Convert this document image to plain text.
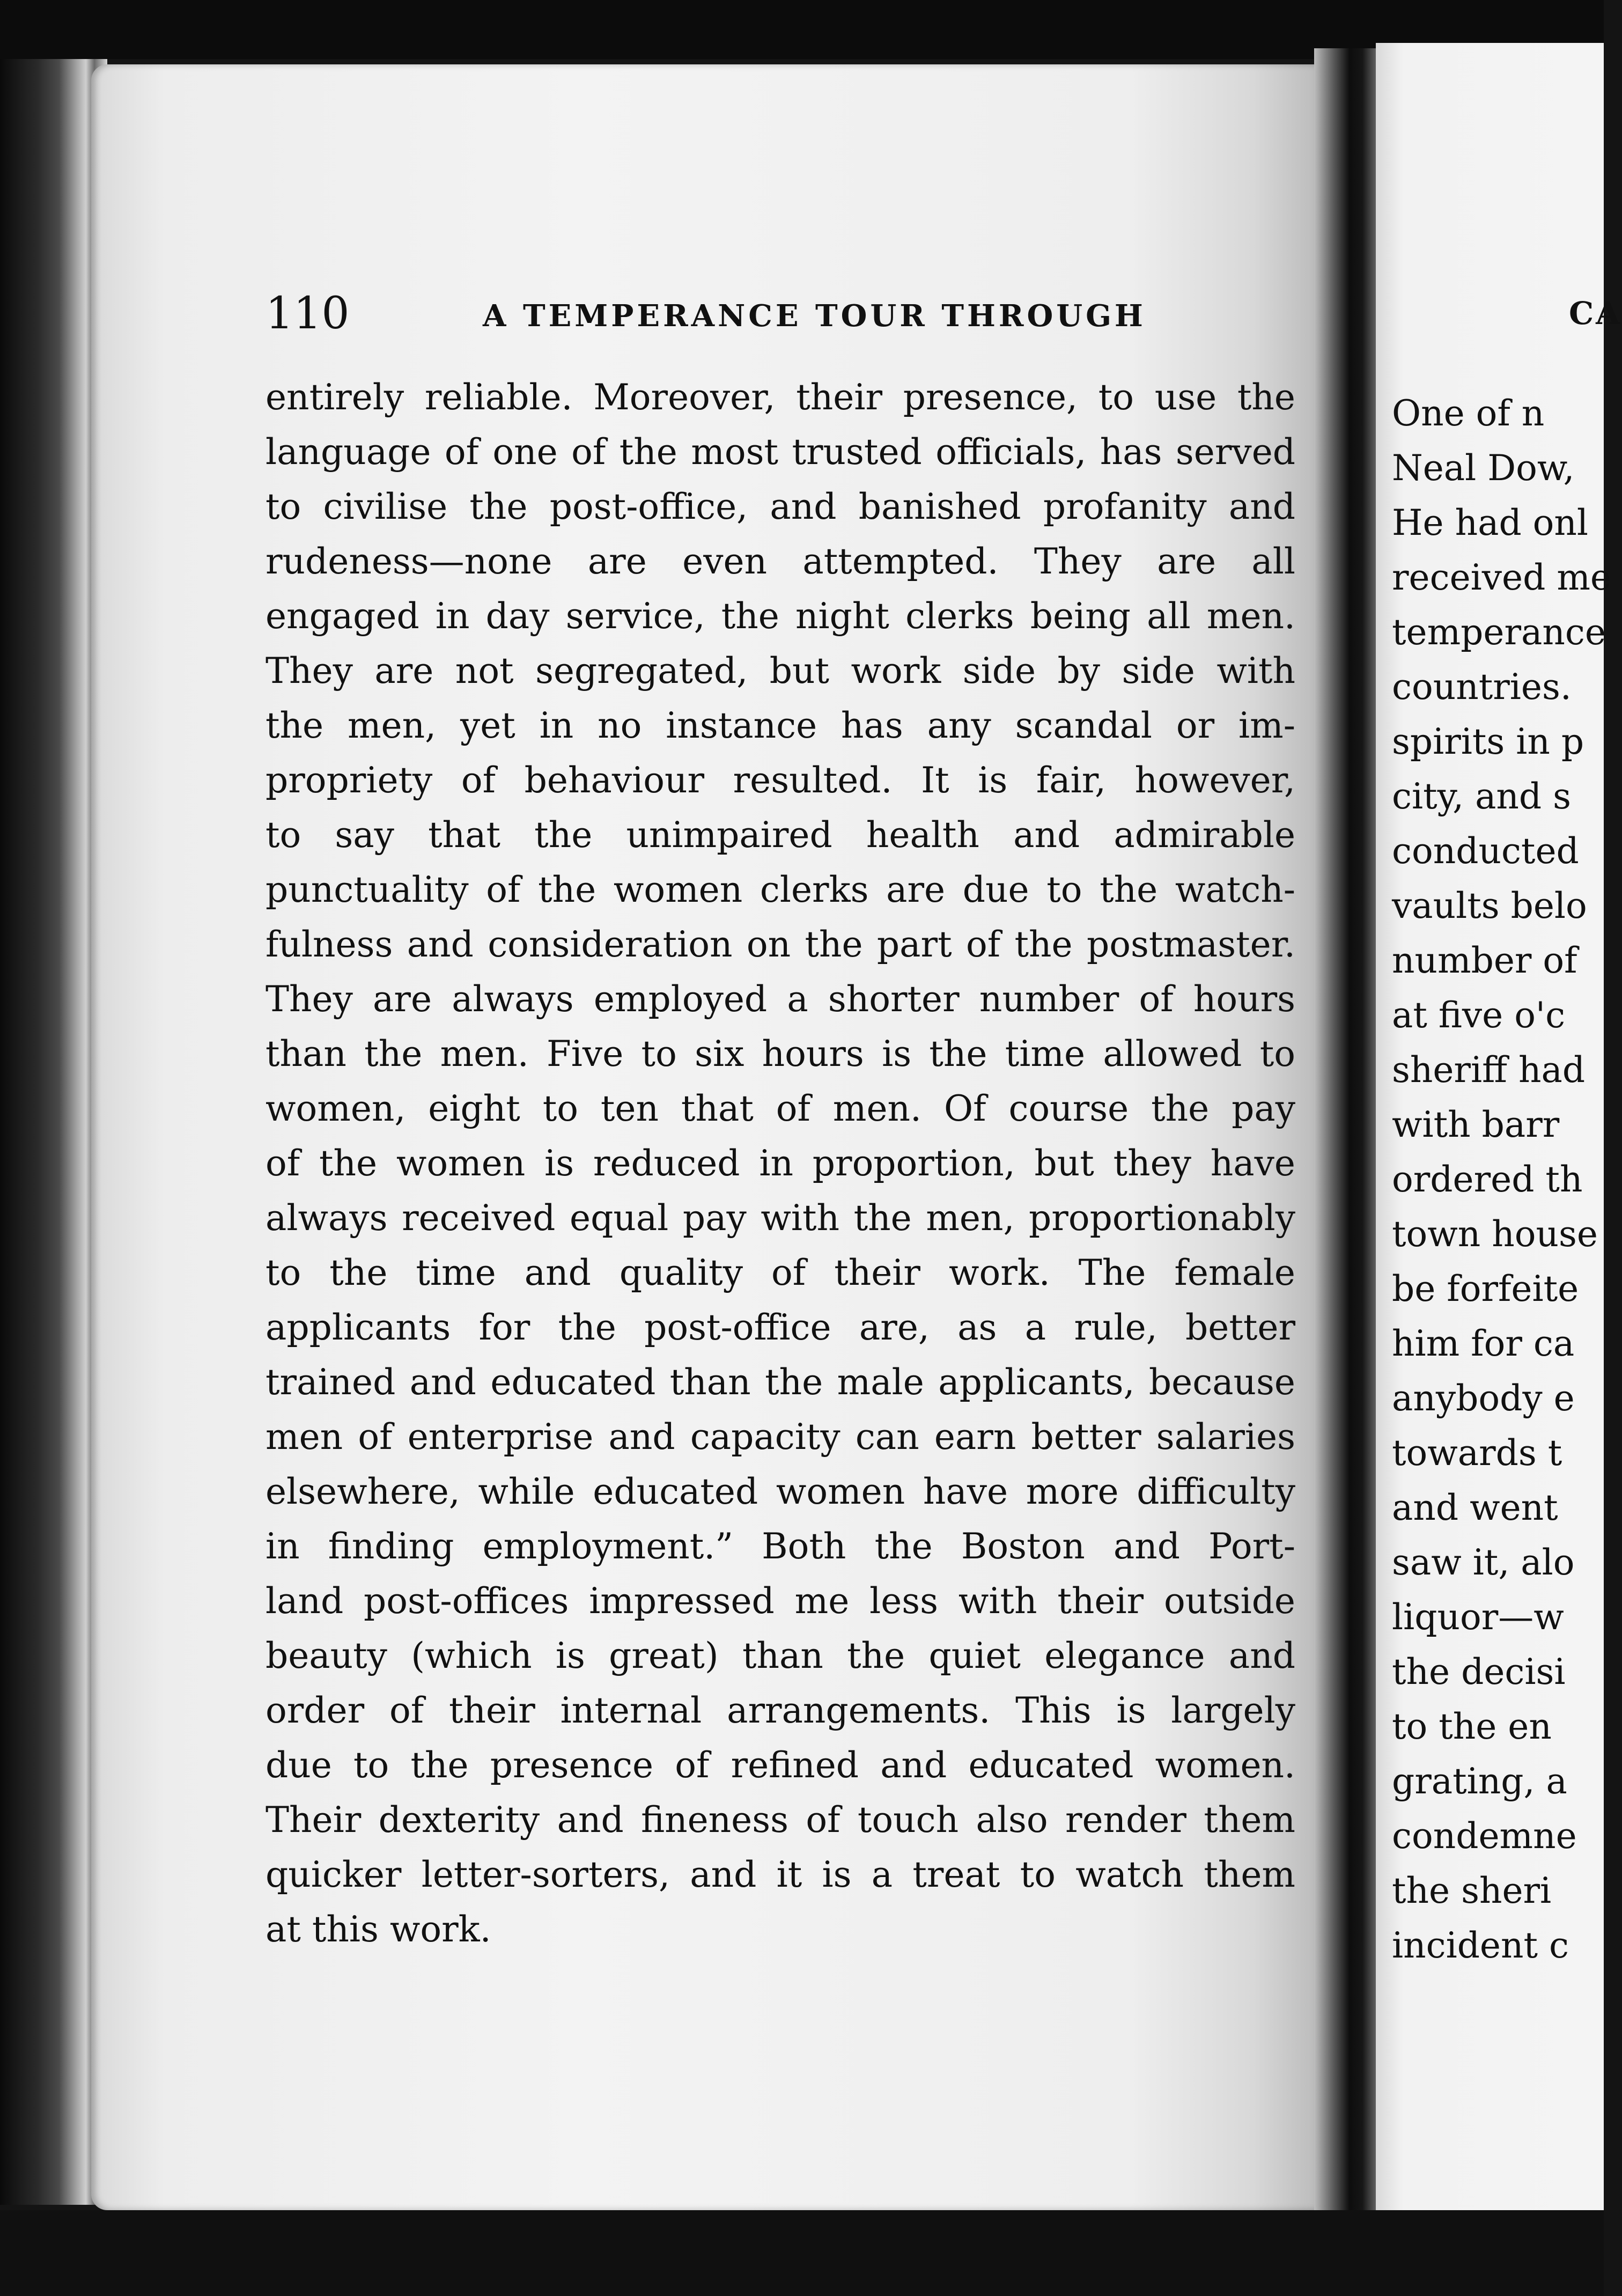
CA
One of n
Neal Dow,
He had onl
received me
temperance
countries.
spirits in p
city, and s
conducted
vaults belo
number of
at five o'c
sheriff had
with barr
ordered th
town house
be forfeite
him for ca
anybody e
towards t
and went
saw it, alo
liquor—w
the decisi
to the en
grating, a
condemne
the sheri
incident c
110	A TEMPERANCE TOUR THROUGH
entirely reliable. Moreover, their presence, to use the
language of one of the most trusted officials, has served
to civilise the post-office, and banished profanity and
rudeness—none are even attempted. They are all
engaged in day service, the night clerks being all men.
They are not segregated, but work side by side with
the men, yet in no instance has any scandal or im-
propriety of behaviour resulted. It is fair, however,
to say that the unimpaired health and admirable
punctuality of the women clerks are due to the watch-
fulness and consideration on the part of the postmaster.
They are always employed a shorter number of hours
than the men. Five to six hours is the time allowed to
women, eight to ten that of men. Of course the pay
of the women is reduced in proportion, but they have
always received equal pay with the men, proportionably
to the time and quality of their work. The female
applicants for the post-office are, as a rule, better
trained and educated than the male applicants, because
men of enterprise and capacity can earn better salaries
elsewhere, while educated women have more difficulty
in finding employment.” Both the Boston and Port-
land post-offices impressed me less with their outside
beauty (which is great) than the quiet elegance and
order of their internal arrangements. This is largely
due to the presence of refined and educated women.
Their dexterity and fineness of touch also render them
quicker letter-sorters, and it is a treat to watch them
at this work.
